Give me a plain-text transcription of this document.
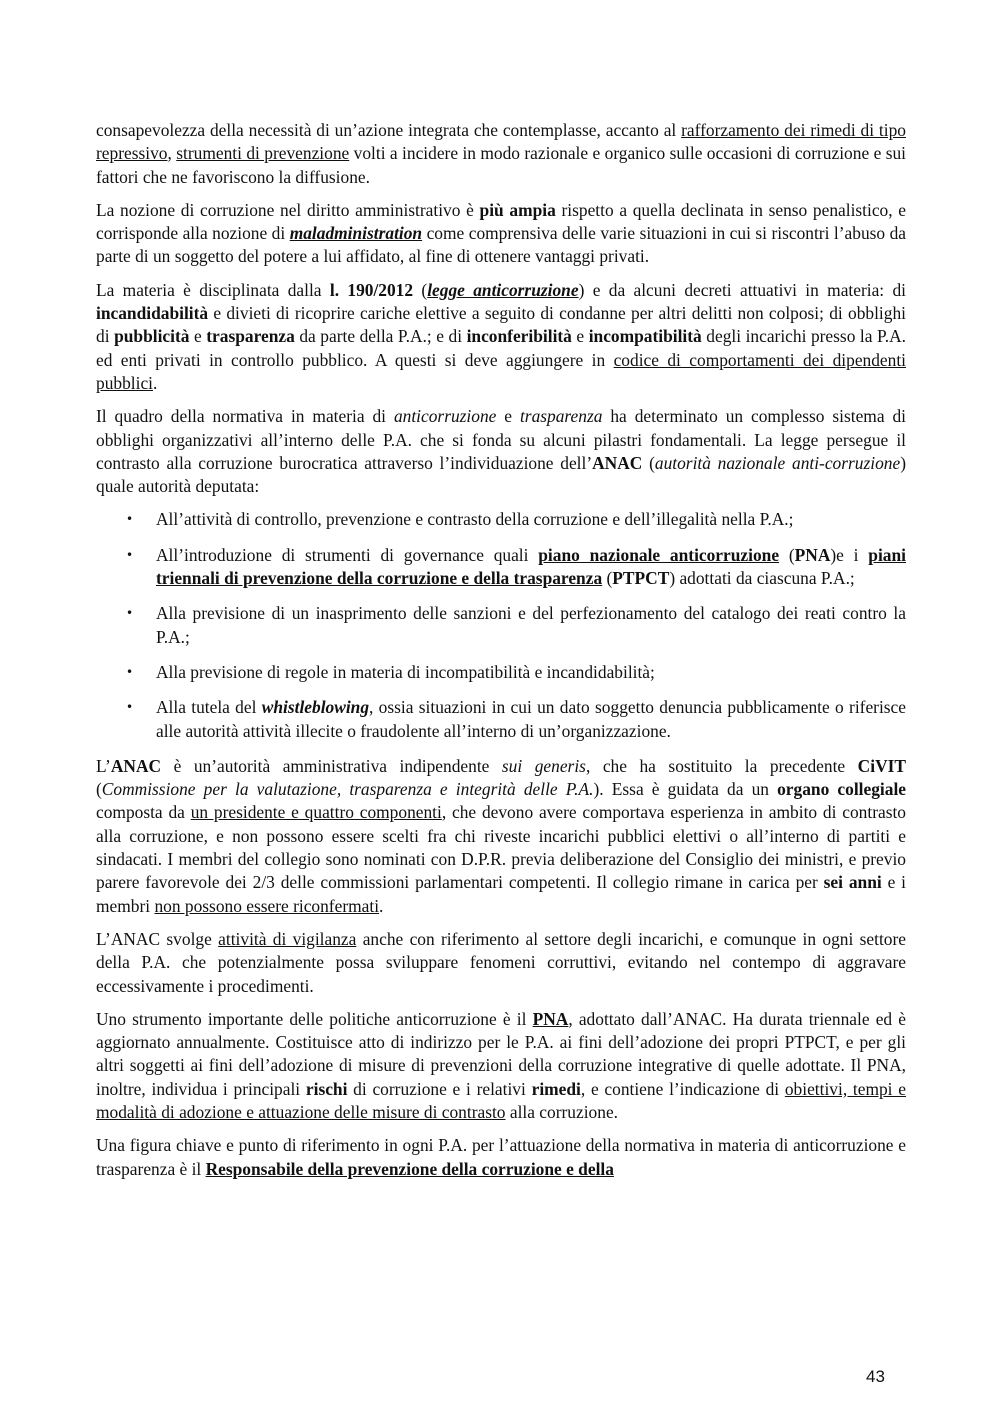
consapevolezza della necessità di un’azione integrata che contemplasse, accanto al rafforzamento dei rimedi di tipo repressivo, strumenti di prevenzione volti a incidere in modo razionale e organico sulle occasioni di corruzione e sui fattori che ne favoriscono la diffusione.

La nozione di corruzione nel diritto amministrativo è più ampia rispetto a quella declinata in senso penalistico, e corrisponde alla nozione di maladministration come comprensiva delle varie situazioni in cui si riscontri l’abuso da parte di un soggetto del potere a lui affidato, al fine di ottenere vantaggi privati.

La materia è disciplinata dalla l. 190/2012 (legge anticorruzione) e da alcuni decreti attuativi in materia: di incandidabilità e divieti di ricoprire cariche elettive a seguito di condanne per altri delitti non colposi; di obblighi di pubblicità e trasparenza da parte della P.A.; e di inconferibilità e incompatibilità degli incarichi presso la P.A. ed enti privati in controllo pubblico. A questi si deve aggiungere in codice di comportamenti dei dipendenti pubblici.

Il quadro della normativa in materia di anticorruzione e trasparenza ha determinato un complesso sistema di obblighi organizzativi all’interno delle P.A. che si fonda su alcuni pilastri fondamentali. La legge persegue il contrasto alla corruzione burocratica attraverso l’individuazione dell’ANAC (autorità nazionale anti-corruzione) quale autorità deputata:

• All’attività di controllo, prevenzione e contrasto della corruzione e dell’illegalità nella P.A.;
• All’introduzione di strumenti di governance quali piano nazionale anticorruzione (PNA)e i piani triennali di prevenzione della corruzione e della trasparenza (PTPCT) adottati da ciascuna P.A.;
• Alla previsione di un inasprimento delle sanzioni e del perfezionamento del catalogo dei reati contro la P.A.;
• Alla previsione di regole in materia di incompatibilità e incandidabilità;
• Alla tutela del whistleblowing, ossia situazioni in cui un dato soggetto denuncia pubblicamente o riferisce alle autorità attività illecite o fraudolente all’interno di un’organizzazione.

L’ANAC è un’autorità amministrativa indipendente sui generis, che ha sostituito la precedente CiVIT (Commissione per la valutazione, trasparenza e integrità delle P.A.). Essa è guidata da un organo collegiale composta da un presidente e quattro componenti, che devono avere comportava esperienza in ambito di contrasto alla corruzione, e non possono essere scelti fra chi riveste incarichi pubblici elettivi o all’interno di partiti e sindacati. I membri del collegio sono nominati con D.P.R. previa deliberazione del Consiglio dei ministri, e previo parere favorevole dei 2/3 delle commissioni parlamentari competenti. Il collegio rimane in carica per sei anni e i membri non possono essere riconfermati.

L’ANAC svolge attività di vigilanza anche con riferimento al settore degli incarichi, e comunque in ogni settore della P.A. che potenzialmente possa sviluppare fenomeni corruttivi, evitando nel contempo di aggravare eccessivamente i procedimenti.

Uno strumento importante delle politiche anticorruzione è il PNA, adottato dall’ANAC. Ha durata triennale ed è aggiornato annualmente. Costituisce atto di indirizzo per le P.A. ai fini dell’adozione dei propri PTPCT, e per gli altri soggetti ai fini dell’adozione di misure di prevenzioni della corruzione integrative di quelle adottate. Il PNA, inoltre, individua i principali rischi di corruzione e i relativi rimedi, e contiene l’indicazione di obiettivi, tempi e modalità di adozione e attuazione delle misure di contrasto alla corruzione.

Una figura chiave e punto di riferimento in ogni P.A. per l’attuazione della normativa in materia di anticorruzione e trasparenza è il Responsabile della prevenzione della corruzione e della

43
